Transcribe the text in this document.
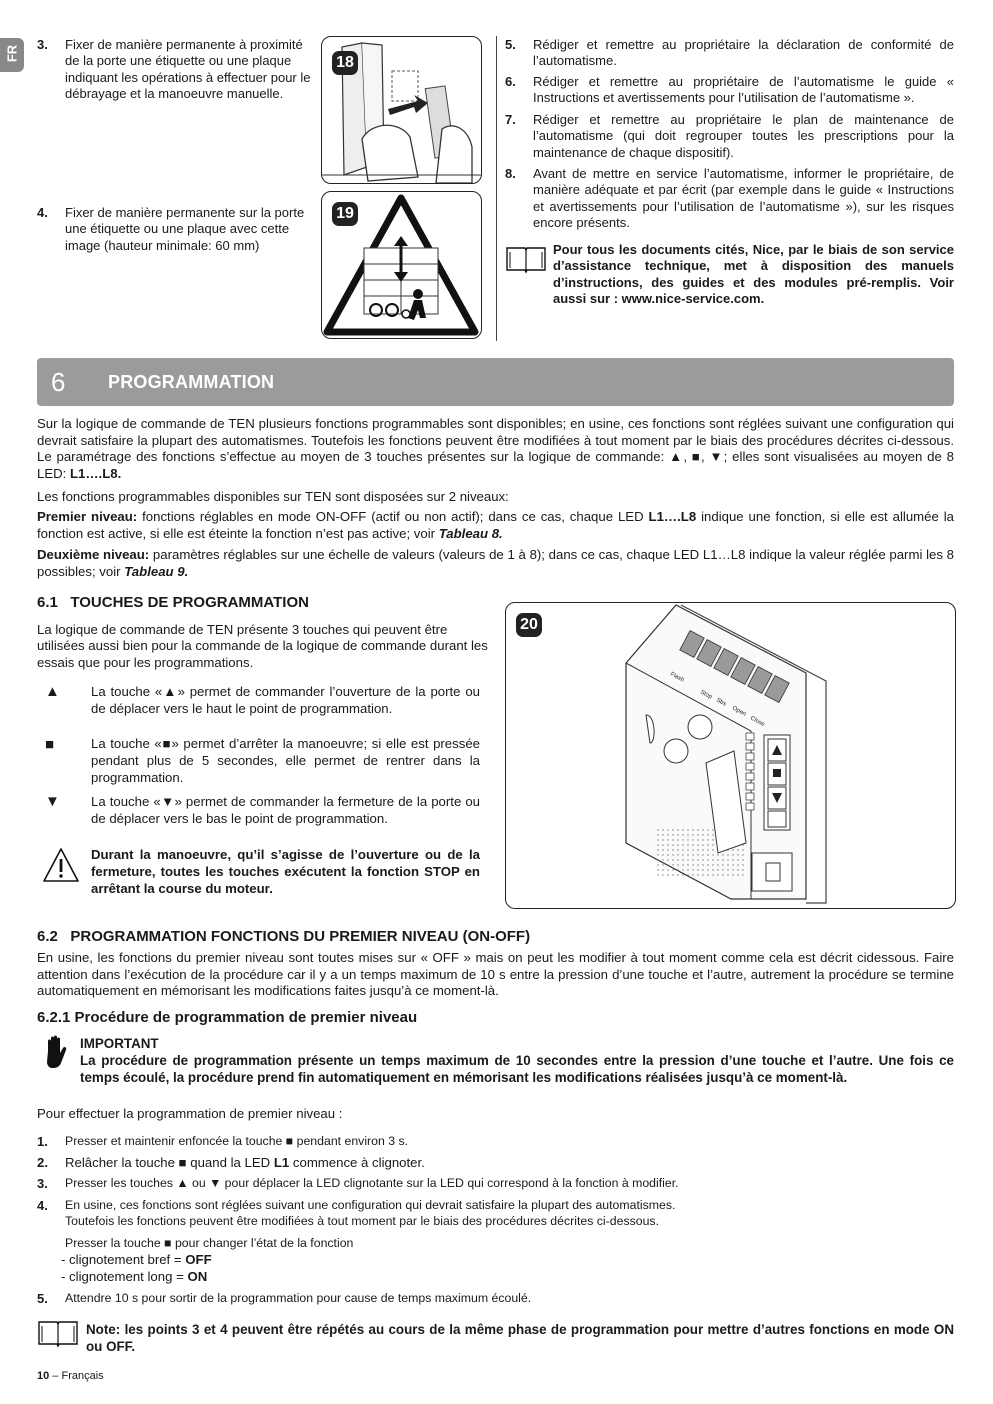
FR
3. Fixer de manière permanente à proximité de la porte une étiquette ou une plaque indiquant les opérations à effectuer pour le débrayage et la manoeuvre manuelle.
4. Fixer de manière permanente sur la porte une étiquette ou une plaque avec cette image (hauteur minimale: 60 mm)
18
19
5. Rédiger et remettre au propriétaire la déclaration de conformité de l’automatisme.
6. Rédiger et remettre au propriétaire de l’automatisme le guide « Instructions et avertissements pour l’utilisation de l’automatisme ».
7. Rédiger et remettre au propriétaire le plan de maintenance de l’automatisme (qui doit regrouper toutes les prescriptions pour la maintenance de chaque dispositif).
8. Avant de mettre en service l’automatisme, informer le propriétaire, de manière adéquate et par écrit (par exemple dans le guide « Instructions et avertissements pour l’utilisation de l’automatisme »), sur les risques encore présents.
Pour tous les documents cités, Nice, par le biais de son service d’assistance technique, met à disposition des manuels d’instructions, des guides et des modules pré-remplis. Voir aussi sur : www.nice-service.com.
6 PROGRAMMATION
Sur la logique de commande de TEN plusieurs fonctions programmables sont disponibles; en usine, ces fonctions sont réglées suivant une configuration qui devrait satisfaire la plupart des automatismes. Toutefois les fonctions peuvent être modifiées à tout moment par le biais des procédures décrites ci-dessous. Le paramétrage des fonctions s’effectue au moyen de 3 touches présentes sur la logique de commande: ▲, ■, ▼; elles sont visualisées au moyen de 8 LED: L1….L8.
Les fonctions programmables disponibles sur TEN sont disposées sur 2 niveaux:
Premier niveau: fonctions réglables en mode ON-OFF (actif ou non actif); dans ce cas, chaque LED L1….L8 indique une fonction, si elle est allumée la fonction est active, si elle est éteinte la fonction n’est pas active; voir Tableau 8.
Deuxième niveau: paramètres réglables sur une échelle de valeurs (valeurs de 1 à 8); dans ce cas, chaque LED L1…L8 indique la valeur réglée parmi les 8 possibles; voir Tableau 9.
6.1   TOUCHES DE PROGRAMMATION
La logique de commande de TEN présente 3 touches qui peuvent être utilisées aussi bien pour la commande de la logique de commande durant les essais que pour les programmations.
▲ La touche «▲» permet de commander l’ouverture de la porte ou de déplacer vers le haut le point de programmation.
■	La touche «■» permet d’arrêter la manoeuvre; si elle est pressée pendant plus de 5 secondes, elle permet de rentrer dans la programmation.
▼ La touche «▼» permet de commander la fermeture de la porte ou de déplacer vers le bas le point de programmation.
Durant la manoeuvre, qu’il s’agisse de l’ouverture ou de la fermeture, toutes les touches exécutent la fonction STOP en arrêtant la course du moteur.
20
Flash
Stop
Sbs
Open
Close
6.2   PROGRAMMATION FONCTIONS DU PREMIER NIVEAU (ON-OFF)
En usine, les fonctions du premier niveau sont toutes mises sur « OFF » mais on peut les modifier à tout moment comme cela est décrit cidessous. Faire attention dans l’exécution de la procédure car il y a un temps maximum de 10 s entre la pression d’une touche et l’autre, autrement la procédure se termine automatiquement en mémorisant les modifications faites jusqu’à ce moment-là.
6.2.1 Procédure de programmation de premier niveau
IMPORTANT
La procédure de programmation présente un temps maximum de 10 secondes entre la pression d’une touche et l’autre. Une fois ce temps écoulé, la procédure prend fin automatiquement en mémorisant les modifications réalisées jusqu’à ce moment-là.
Pour effectuer la programmation de premier niveau :
1. Presser et maintenir enfoncée la touche ■ pendant environ 3 s.
2. Relâcher la touche ■ quand la LED L1 commence à clignoter.
3. Presser les touches ▲ ou ▼ pour déplacer la LED clignotante sur la LED qui correspond à la fonction à modifier.
4. En usine, ces fonctions sont réglées suivant une configuration qui devrait satisfaire la plupart des automatismes.
Toutefois les fonctions peuvent être modifiées à tout moment par le biais des procédures décrites ci-dessous.
Presser la touche ■ pour changer l’état de la fonction
- clignotement bref = OFF
- clignotement long = ON
5. Attendre 10 s pour sortir de la programmation pour cause de temps maximum écoulé.
Note: les points 3 et 4 peuvent être répétés au cours de la même phase de programmation pour mettre d’autres fonctions en mode ON ou OFF.
10 – Français
